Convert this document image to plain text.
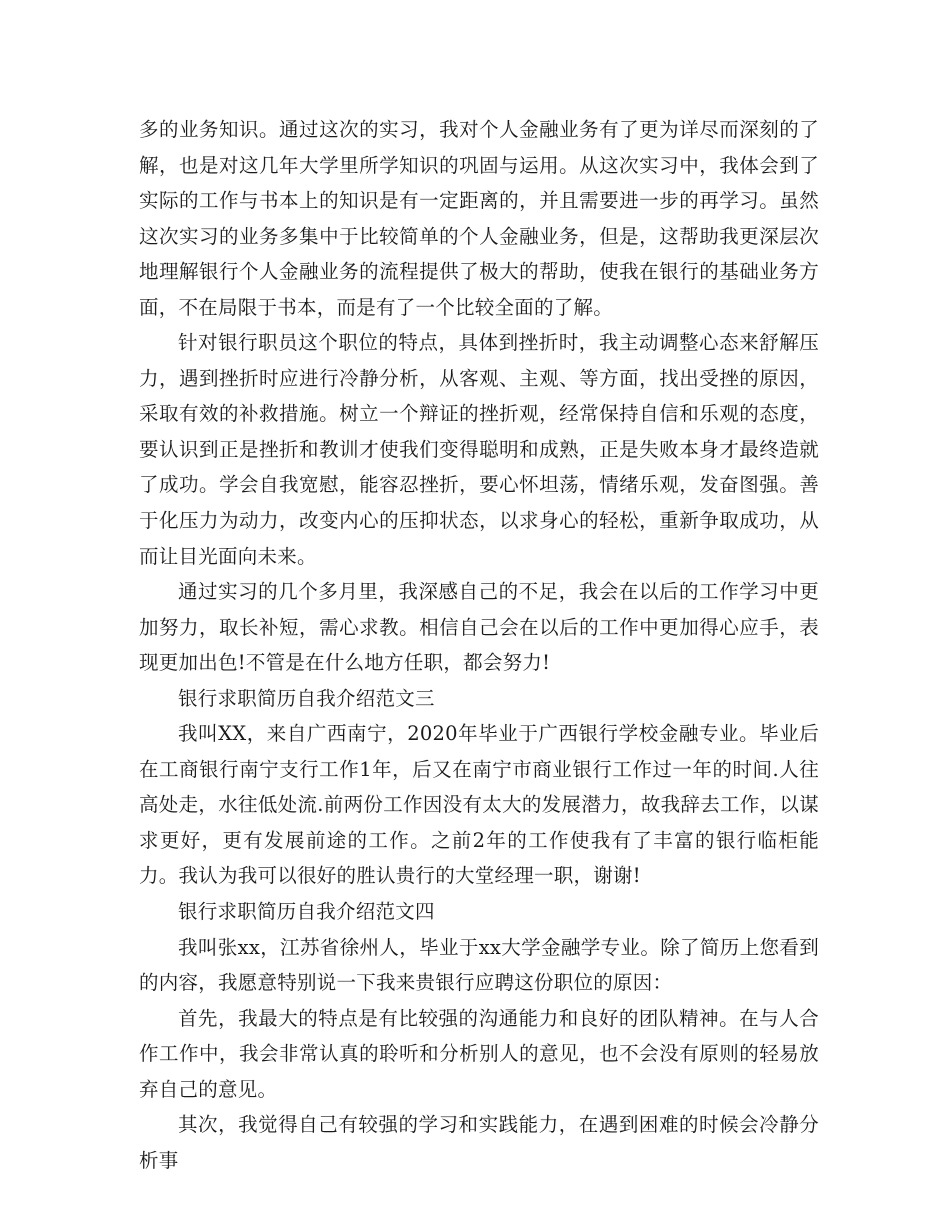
多的业务知识。通过这次的实习，我对个人金融业务有了更为详尽而深刻的了解，也是对这几年大学里所学知识的巩固与运用。从这次实习中，我体会到了实际的工作与书本上的知识是有一定距离的，并且需要进一步的再学习。虽然这次实习的业务多集中于比较简单的个人金融业务，但是，这帮助我更深层次地理解银行个人金融业务的流程提供了极大的帮助，使我在银行的基础业务方面，不在局限于书本，而是有了一个比较全面的了解。

针对银行职员这个职位的特点，具体到挫折时，我主动调整心态来舒解压力，遇到挫折时应进行冷静分析，从客观、主观、等方面，找出受挫的原因，采取有效的补救措施。树立一个辩证的挫折观，经常保持自信和乐观的态度，要认识到正是挫折和教训才使我们变得聪明和成熟，正是失败本身才最终造就了成功。学会自我宽慰，能容忍挫折，要心怀坦荡，情绪乐观，发奋图强。善于化压力为动力，改变内心的压抑状态，以求身心的轻松，重新争取成功，从而让目光面向未来。

通过实习的几个多月里，我深感自己的不足，我会在以后的工作学习中更加努力，取长补短，需心求教。相信自己会在以后的工作中更加得心应手，表现更加出色!不管是在什么地方任职，都会努力!

银行求职简历自我介绍范文三

我叫XX，来自广西南宁，2020年毕业于广西银行学校金融专业。毕业后在工商银行南宁支行工作1年，后又在南宁市商业银行工作过一年的时间.人往高处走，水往低处流.前两份工作因没有太大的发展潜力，故我辞去工作，以谋求更好，更有发展前途的工作。之前2年的工作使我有了丰富的银行临柜能力。我认为我可以很好的胜认贵行的大堂经理一职，谢谢!

银行求职简历自我介绍范文四

我叫张xx，江苏省徐州人，毕业于xx大学金融学专业。除了简历上您看到的内容，我愿意特别说一下我来贵银行应聘这份职位的原因：

首先，我最大的特点是有比较强的沟通能力和良好的团队精神。在与人合作工作中，我会非常认真的聆听和分析别人的意见，也不会没有原则的轻易放弃自己的意见。

其次，我觉得自己有较强的学习和实践能力，在遇到困难的时候会冷静分析事
